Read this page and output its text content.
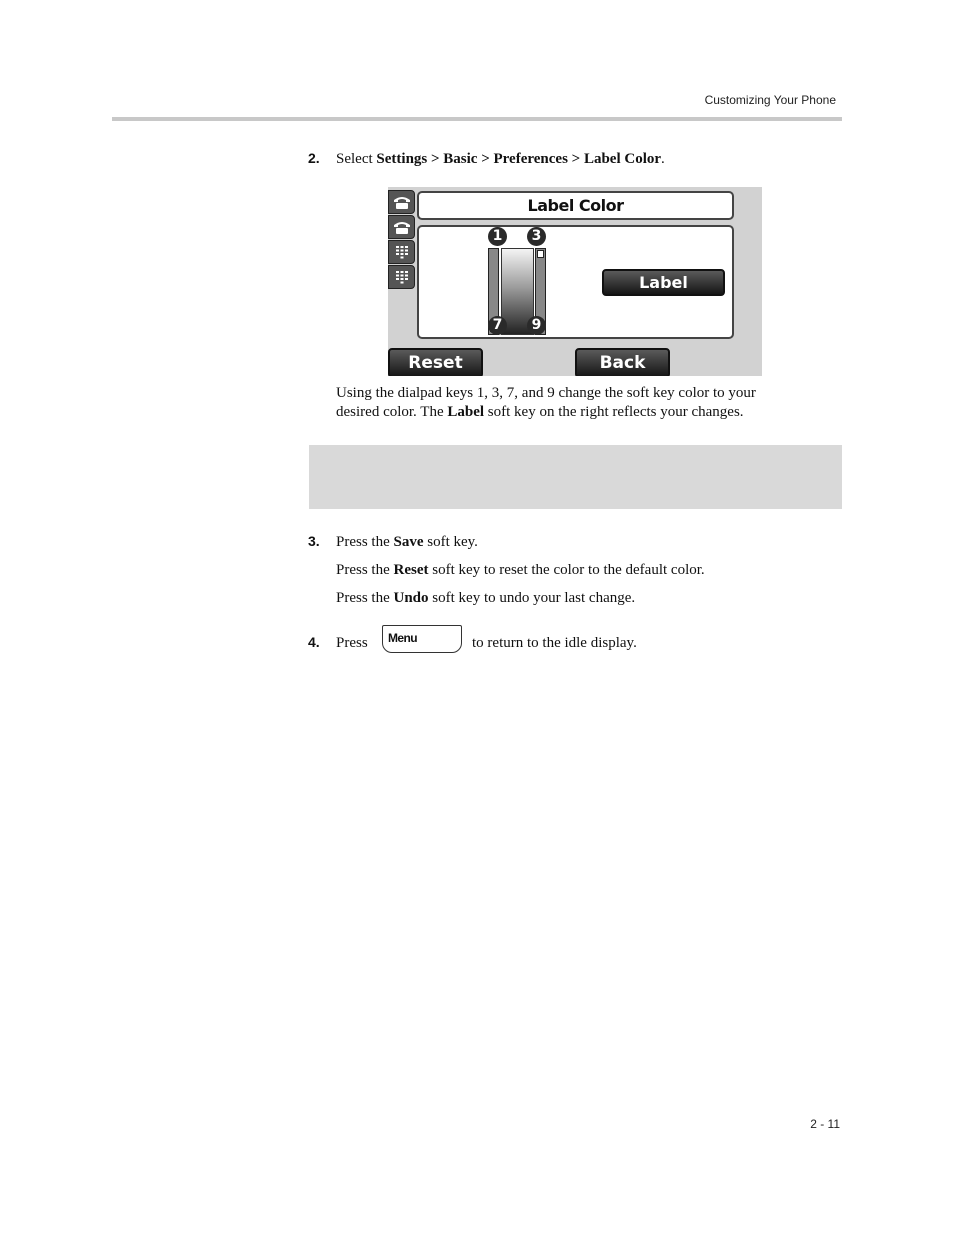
Customizing Your Phone
2. Select Settings > Basic > Preferences > Label Color.
Label Color
1	3
7	9
Label
Reset	Back
Using the dialpad keys 1, 3, 7, and 9 change the soft key color to your
desired color. The Label soft key on the right reflects your changes.
3. Press the Save soft key.
Press the Reset soft key to reset the color to the default color.
Press the Undo soft key to undo your last change.
4. Press Menu	to return to the idle display.
2 - 11
